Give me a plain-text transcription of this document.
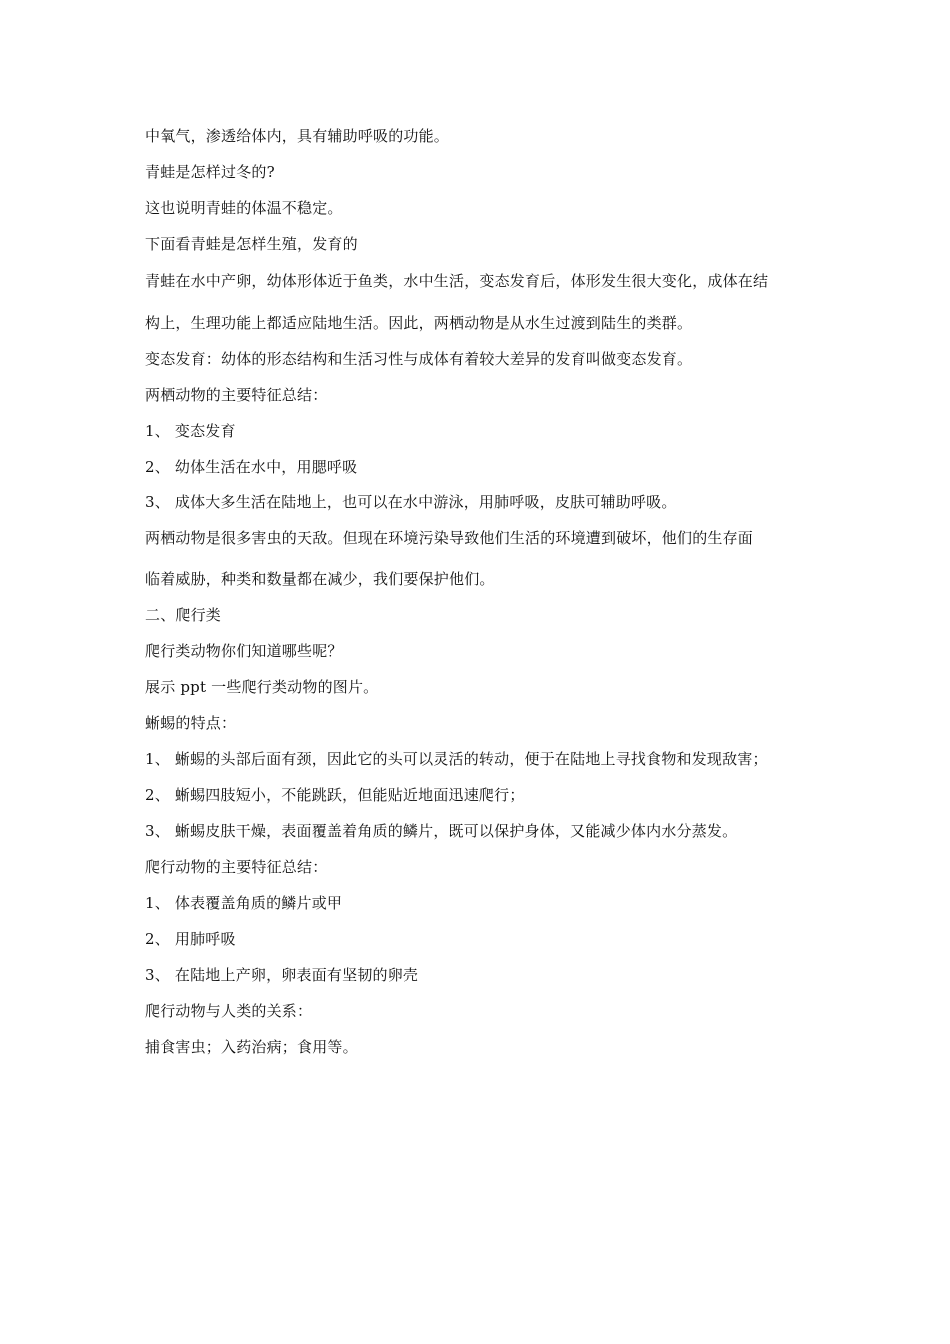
中氧气，渗透给体内，具有辅助呼吸的功能。
青蛙是怎样过冬的?
这也说明青蛙的体温不稳定。
下面看青蛙是怎样生殖，发育的
青蛙在水中产卵，幼体形体近于鱼类，水中生活，变态发育后，体形发生很大变化，成体在结
构上，生理功能上都适应陆地生活。因此，两栖动物是从水生过渡到陆生的类群。
变态发育：幼体的形态结构和生活习性与成体有着较大差异的发育叫做变态发育。
两栖动物的主要特征总结：
1、 变态发育
2、 幼体生活在水中，用腮呼吸
3、 成体大多生活在陆地上，也可以在水中游泳，用肺呼吸，皮肤可辅助呼吸。
两栖动物是很多害虫的天敌。但现在环境污染导致他们生活的环境遭到破坏，他们的生存面
临着威胁，种类和数量都在减少，我们要保护他们。
二、爬行类
爬行类动物你们知道哪些呢？
展示 ppt 一些爬行类动物的图片。
蜥蜴的特点：
1、 蜥蜴的头部后面有颈，因此它的头可以灵活的转动，便于在陆地上寻找食物和发现敌害；
2、 蜥蜴四肢短小，不能跳跃，但能贴近地面迅速爬行；
3、 蜥蜴皮肤干燥，表面覆盖着角质的鳞片，既可以保护身体，又能减少体内水分蒸发。
爬行动物的主要特征总结：
1、 体表覆盖角质的鳞片或甲
2、 用肺呼吸
3、 在陆地上产卵，卵表面有坚韧的卵壳
爬行动物与人类的关系：
捕食害虫；入药治病；食用等。
